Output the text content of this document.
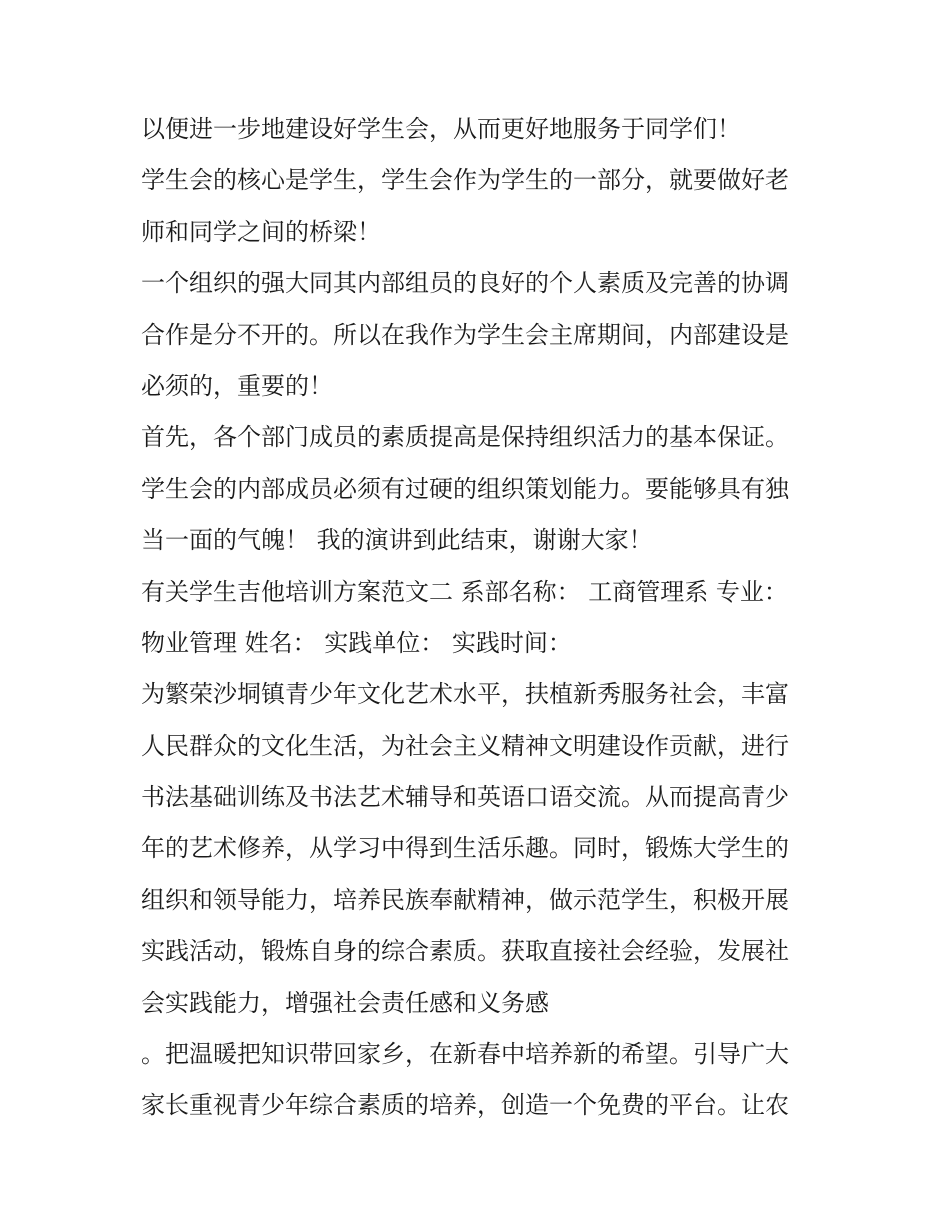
以便进一步地建设好学生会，从而更好地服务于同学们！
学生会的核心是学生，学生会作为学生的一部分，就要做好老
师和同学之间的桥梁！
一个组织的强大同其内部组员的良好的个人素质及完善的协调
合作是分不开的。所以在我作为学生会主席期间，内部建设是
必须的，重要的！
首先，各个部门成员的素质提高是保持组织活力的基本保证。
学生会的内部成员必须有过硬的组织策划能力。要能够具有独
当一面的气魄！ 我的演讲到此结束，谢谢大家！
有关学生吉他培训方案范文二 系部名称： 工商管理系 专业：
物业管理 姓名： 实践单位： 实践时间：
为繁荣沙垌镇青少年文化艺术水平，扶植新秀服务社会，丰富
人民群众的文化生活，为社会主义精神文明建设作贡献，进行
书法基础训练及书法艺术辅导和英语口语交流。从而提高青少
年的艺术修养，从学习中得到生活乐趣。同时，锻炼大学生的
组织和领导能力，培养民族奉献精神，做示范学生，积极开展
实践活动，锻炼自身的综合素质。获取直接社会经验，发展社
会实践能力，增强社会责任感和义务感
。把温暖把知识带回家乡，在新春中培养新的希望。引导广大
家长重视青少年综合素质的培养，创造一个免费的平台。让农
